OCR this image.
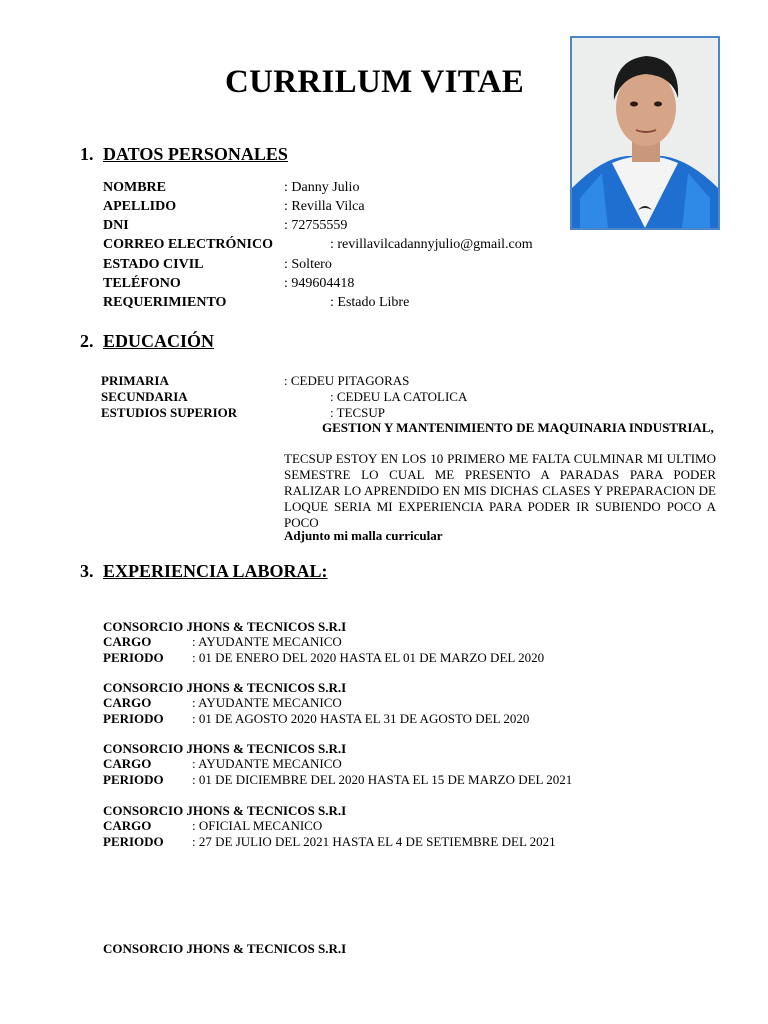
CURRILUM VITAE
1. DATOS PERSONALES
NOMBRE	: Danny Julio
APELLIDO	: Revilla Vilca
DNI	: 72755559
CORREO ELECTRÓNICO	: revillavilcadannyjulio@gmail.com
ESTADO CIVIL	: Soltero
TELÉFONO	: 949604418
REQUERIMIENTO	: Estado Libre
2. EDUCACIÓN
PRIMARIA	: CEDEU PITAGORAS
SECUNDARIA	: CEDEU LA CATOLICA
ESTUDIOS SUPERIOR	: TECSUP
GESTION Y MANTENIMIENTO DE MAQUINARIA INDUSTRIAL,
TECSUP ESTOY EN LOS 10 PRIMERO ME FALTA CULMINAR MI ULTIMO SEMESTRE LO CUAL ME PRESENTO A PARADAS PARA PODER RALIZAR LO APRENDIDO EN MIS DICHAS CLASES Y PREPARACION DE LOQUE SERIA MI EXPERIENCIA PARA PODER IR SUBIENDO POCO A POCO
Adjunto mi malla curricular
3. EXPERIENCIA LABORAL:
CONSORCIO JHONS & TECNICOS S.R.I
CARGO	: AYUDANTE MECANICO
PERIODO : 01 DE ENERO DEL 2020 HASTA EL 01 DE MARZO DEL 2020
CONSORCIO JHONS & TECNICOS S.R.I
CARGO	: AYUDANTE MECANICO
PERIODO : 01 DE AGOSTO 2020 HASTA EL 31 DE AGOSTO DEL 2020
CONSORCIO JHONS & TECNICOS S.R.I
CARGO	: AYUDANTE MECANICO
PERIODO : 01 DE DICIEMBRE DEL 2020 HASTA EL 15 DE MARZO DEL 2021
CONSORCIO JHONS & TECNICOS S.R.I
CARGO	: OFICIAL MECANICO
PERIODO : 27 DE JULIO DEL 2021 HASTA EL 4 DE SETIEMBRE DEL 2021
CONSORCIO JHONS & TECNICOS S.R.I
